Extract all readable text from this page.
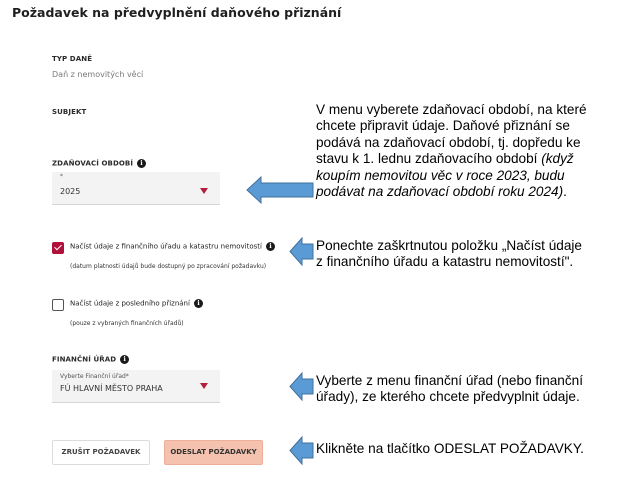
Požadavek na předvyplnění daňového přiznání
TYP DANĚ
Daň z nemovitých věcí
SUBJEKT
ZDAŇOVACÍ OBDOBÍ i
*
2025
Načíst údaje z finančního úřadu a katastru nemovitostí i
(datum platnosti údajů bude dostupný po zpracování požadavku)
Načíst údaje z posledního přiznání i
(pouze z vybraných finančních úřadů)
FINANČNÍ ÚŘAD i
Vyberte Finanční úřad*
FÚ HLAVNÍ MĚSTO PRAHA
ZRUŠIT POŽADAVEK	ODESLAT POŽADAVKY
V menu vyberete zdaňovací období, na které
chcete připravit údaje. Daňové přiznání se
podává na zdaňovací období, tj. dopředu ke
stavu k 1. lednu zdaňovacího období (když
koupím nemovitou věc v roce 2023, budu
podávat na zdaňovací období roku 2024).
Ponechte zaškrtnutou položku „Načíst údaje
z finančního úřadu a katastru nemovitostí".
Vyberte z menu finanční úřad (nebo finanční
úřady), ze kterého chcete předvyplnit údaje.
Klikněte na tlačítko ODESLAT POŽADAVKY.
